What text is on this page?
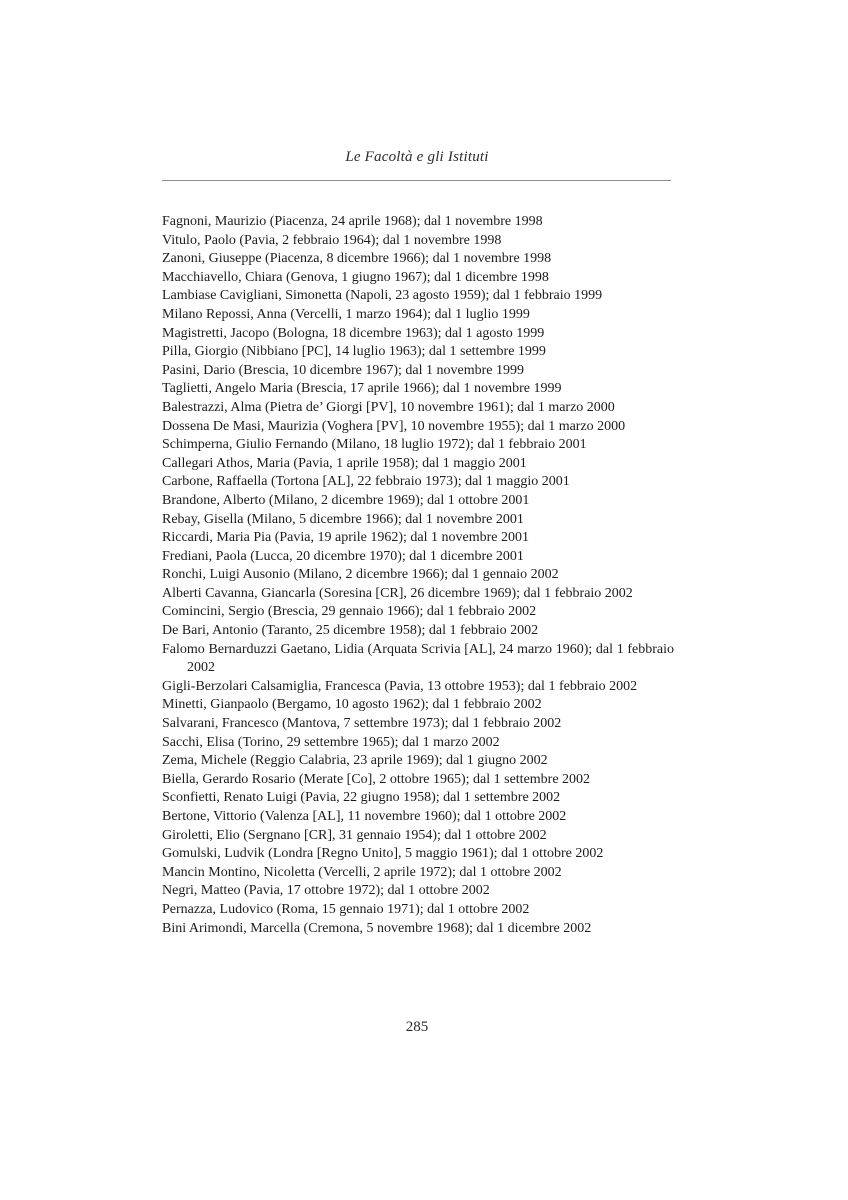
Le Facoltà e gli Istituti

Fagnoni, Maurizio (Piacenza, 24 aprile 1968); dal 1 novembre 1998

Vitulo, Paolo (Pavia, 2 febbraio 1964); dal 1 novembre 1998

Zanoni, Giuseppe (Piacenza, 8 dicembre 1966); dal 1 novembre 1998

Macchiavello, Chiara (Genova, 1 giugno 1967); dal 1 dicembre 1998

Lambiase Cavigliani, Simonetta (Napoli, 23 agosto 1959); dal 1 febbraio 1999

Milano Repossi, Anna (Vercelli, 1 marzo 1964); dal 1 luglio 1999

Magistretti, Jacopo (Bologna, 18 dicembre 1963); dal 1 agosto 1999

Pilla, Giorgio (Nibbiano [PC], 14 luglio 1963); dal 1 settembre 1999

Pasini, Dario (Brescia, 10 dicembre 1967); dal 1 novembre 1999

Taglietti, Angelo Maria (Brescia, 17 aprile 1966); dal 1 novembre 1999

Balestrazzi, Alma (Pietra de’ Giorgi [PV], 10 novembre 1961); dal 1 marzo 2000

Dossena De Masi, Maurizia (Voghera [PV], 10 novembre 1955); dal 1 marzo 2000

Schimperna, Giulio Fernando (Milano, 18 luglio 1972); dal 1 febbraio 2001

Callegari Athos, Maria (Pavia, 1 aprile 1958); dal 1 maggio 2001

Carbone, Raffaella (Tortona [AL], 22 febbraio 1973); dal 1 maggio 2001

Brandone, Alberto (Milano, 2 dicembre 1969); dal 1 ottobre 2001

Rebay, Gisella (Milano, 5 dicembre 1966); dal 1 novembre 2001

Riccardi, Maria Pia (Pavia, 19 aprile 1962); dal 1 novembre 2001

Frediani, Paola (Lucca, 20 dicembre 1970); dal 1 dicembre 2001

Ronchi, Luigi Ausonio (Milano, 2 dicembre 1966); dal 1 gennaio 2002

Alberti Cavanna, Giancarla (Soresina [CR], 26 dicembre 1969); dal 1 febbraio 2002

Comincini, Sergio (Brescia, 29 gennaio 1966); dal 1 febbraio 2002

De Bari, Antonio (Taranto, 25 dicembre 1958); dal 1 febbraio 2002

Falomo Bernarduzzi Gaetano, Lidia (Arquata Scrivia [AL], 24 marzo 1960); dal 1 febbraio 2002

Gigli-Berzolari Calsamiglia, Francesca (Pavia, 13 ottobre 1953); dal 1 febbraio 2002

Minetti, Gianpaolo (Bergamo, 10 agosto 1962); dal 1 febbraio 2002

Salvarani, Francesco (Mantova, 7 settembre 1973); dal 1 febbraio 2002

Sacchi, Elisa (Torino, 29 settembre 1965); dal 1 marzo 2002

Zema, Michele (Reggio Calabria, 23 aprile 1969); dal 1 giugno 2002

Biella, Gerardo Rosario (Merate [Co], 2 ottobre 1965); dal 1 settembre 2002

Sconfietti, Renato Luigi (Pavia, 22 giugno 1958); dal 1 settembre 2002

Bertone, Vittorio (Valenza [AL], 11 novembre 1960); dal 1 ottobre 2002

Giroletti, Elio (Sergnano [CR], 31 gennaio 1954); dal 1 ottobre 2002

Gomulski, Ludvik (Londra [Regno Unito], 5 maggio 1961); dal 1 ottobre 2002

Mancin Montino, Nicoletta (Vercelli, 2 aprile 1972); dal 1 ottobre 2002

Negri, Matteo (Pavia, 17 ottobre 1972); dal 1 ottobre 2002

Pernazza, Ludovico (Roma, 15 gennaio 1971); dal 1 ottobre 2002

Bini Arimondi, Marcella (Cremona, 5 novembre 1968); dal 1 dicembre 2002

285
